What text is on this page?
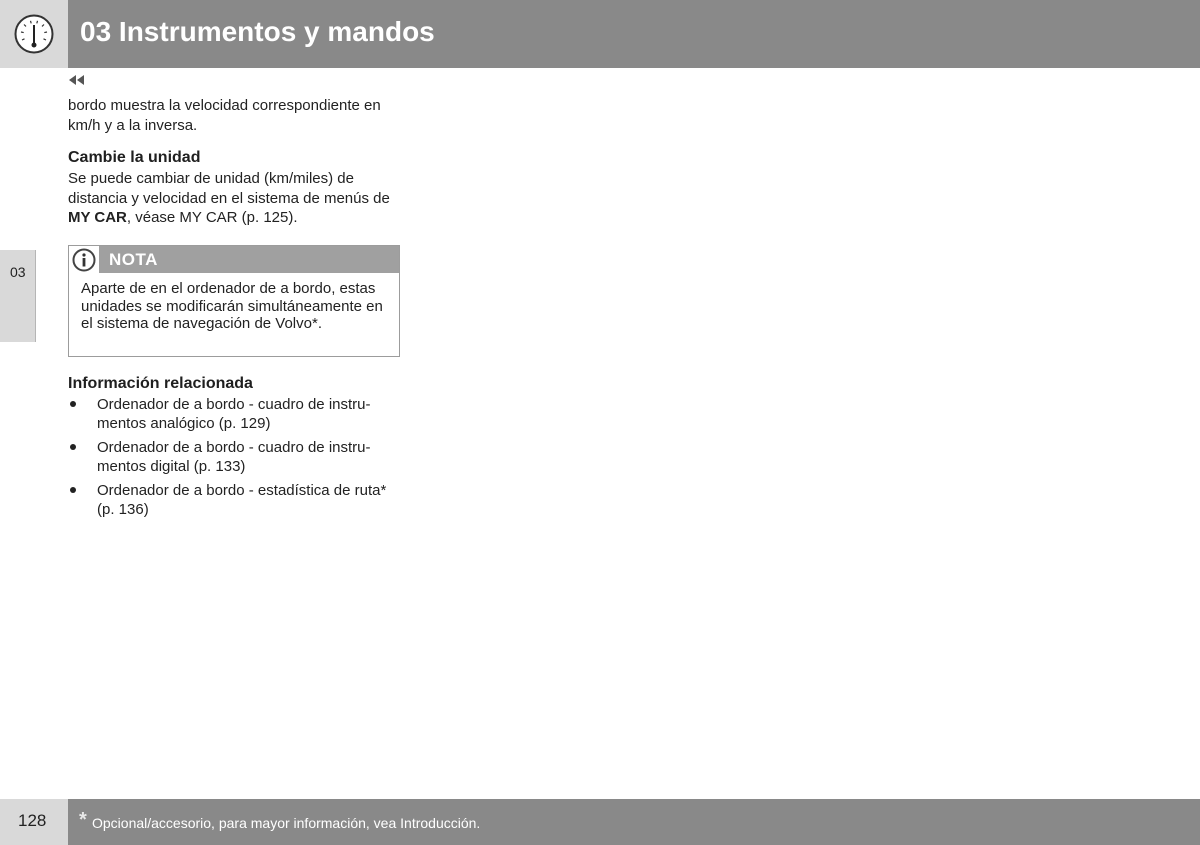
03 Instrumentos y mandos
03

bordo muestra la velocidad correspondiente en km/h y a la inversa.

Cambie la unidad

Se puede cambiar de unidad (km/miles) de distancia y velocidad en el sistema de menús de MY CAR, véase MY CAR (p. 125).

NOTA

Aparte de en el ordenador de a bordo, estas unidades se modificarán simultáneamente en el sistema de navegación de Volvo*.

Información relacionada
Ordenador de a bordo - cuadro de instrumentos analógico (p. 129)
Ordenador de a bordo - cuadro de instrumentos digital (p. 133)
Ordenador de a bordo - estadística de ruta* (p. 136)
128 * Opcional/accesorio, para mayor información, vea Introducción.
